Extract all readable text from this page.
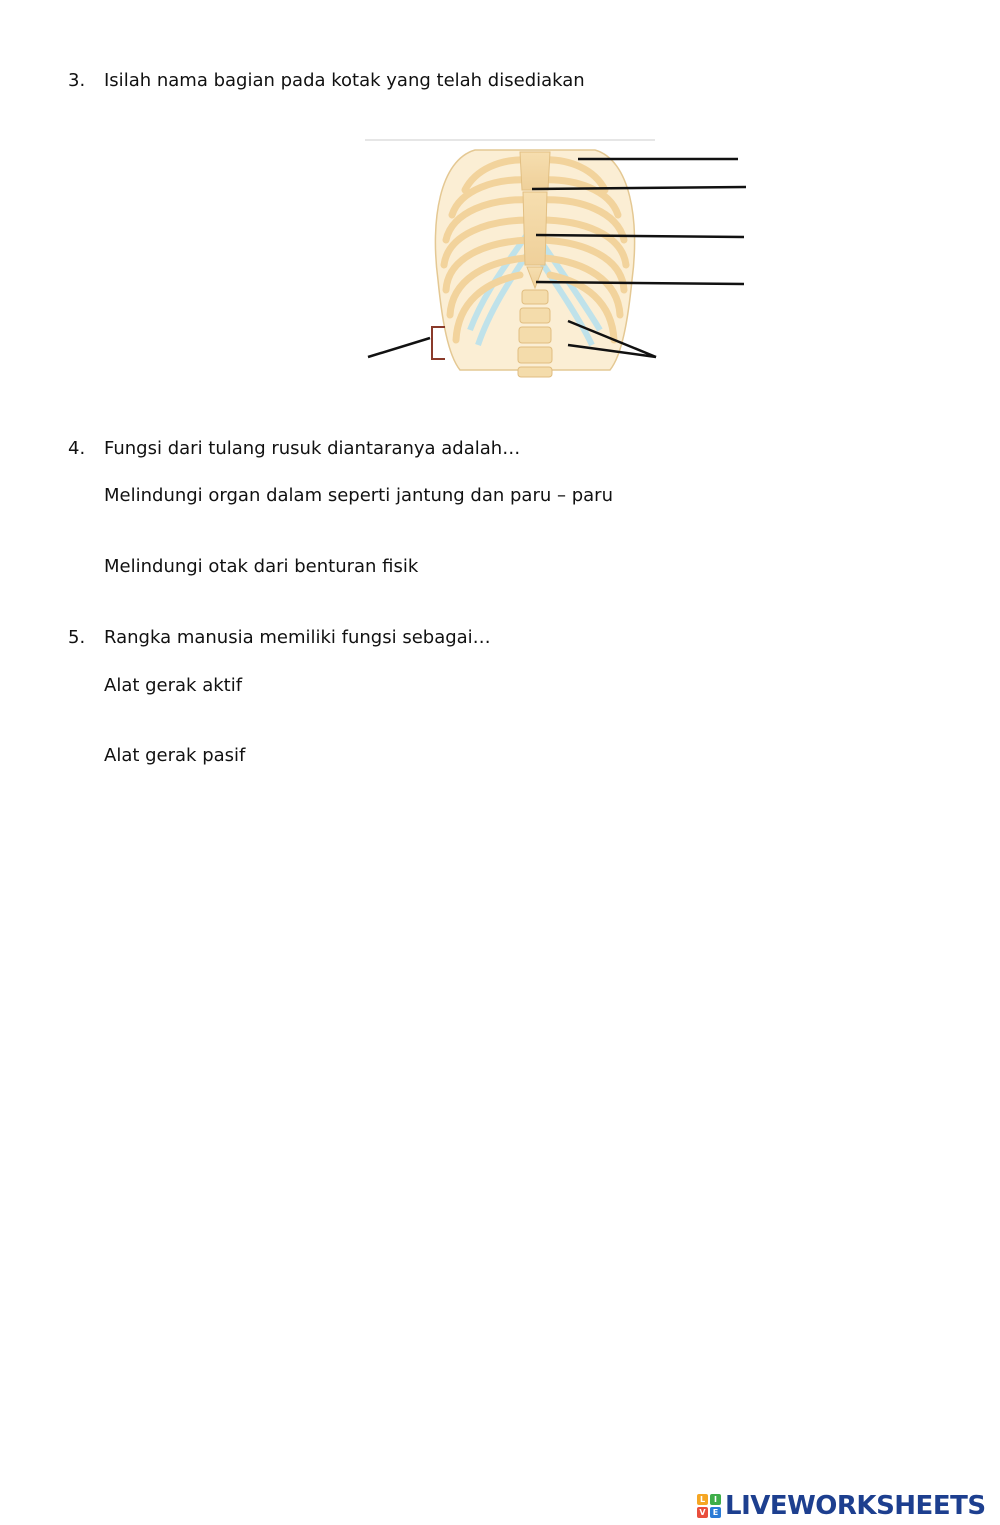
3. Isilah nama bagian pada kotak yang telah disediakan
4. Fungsi dari tulang rusuk diantaranya adalah…
Melindungi organ dalam seperti jantung dan paru – paru
Melindungi otak dari benturan fisik
5. Rangka manusia memiliki fungsi sebagai…
Alat gerak aktif
Alat gerak pasif
L	I
V E LIVEWORKSHEETS
